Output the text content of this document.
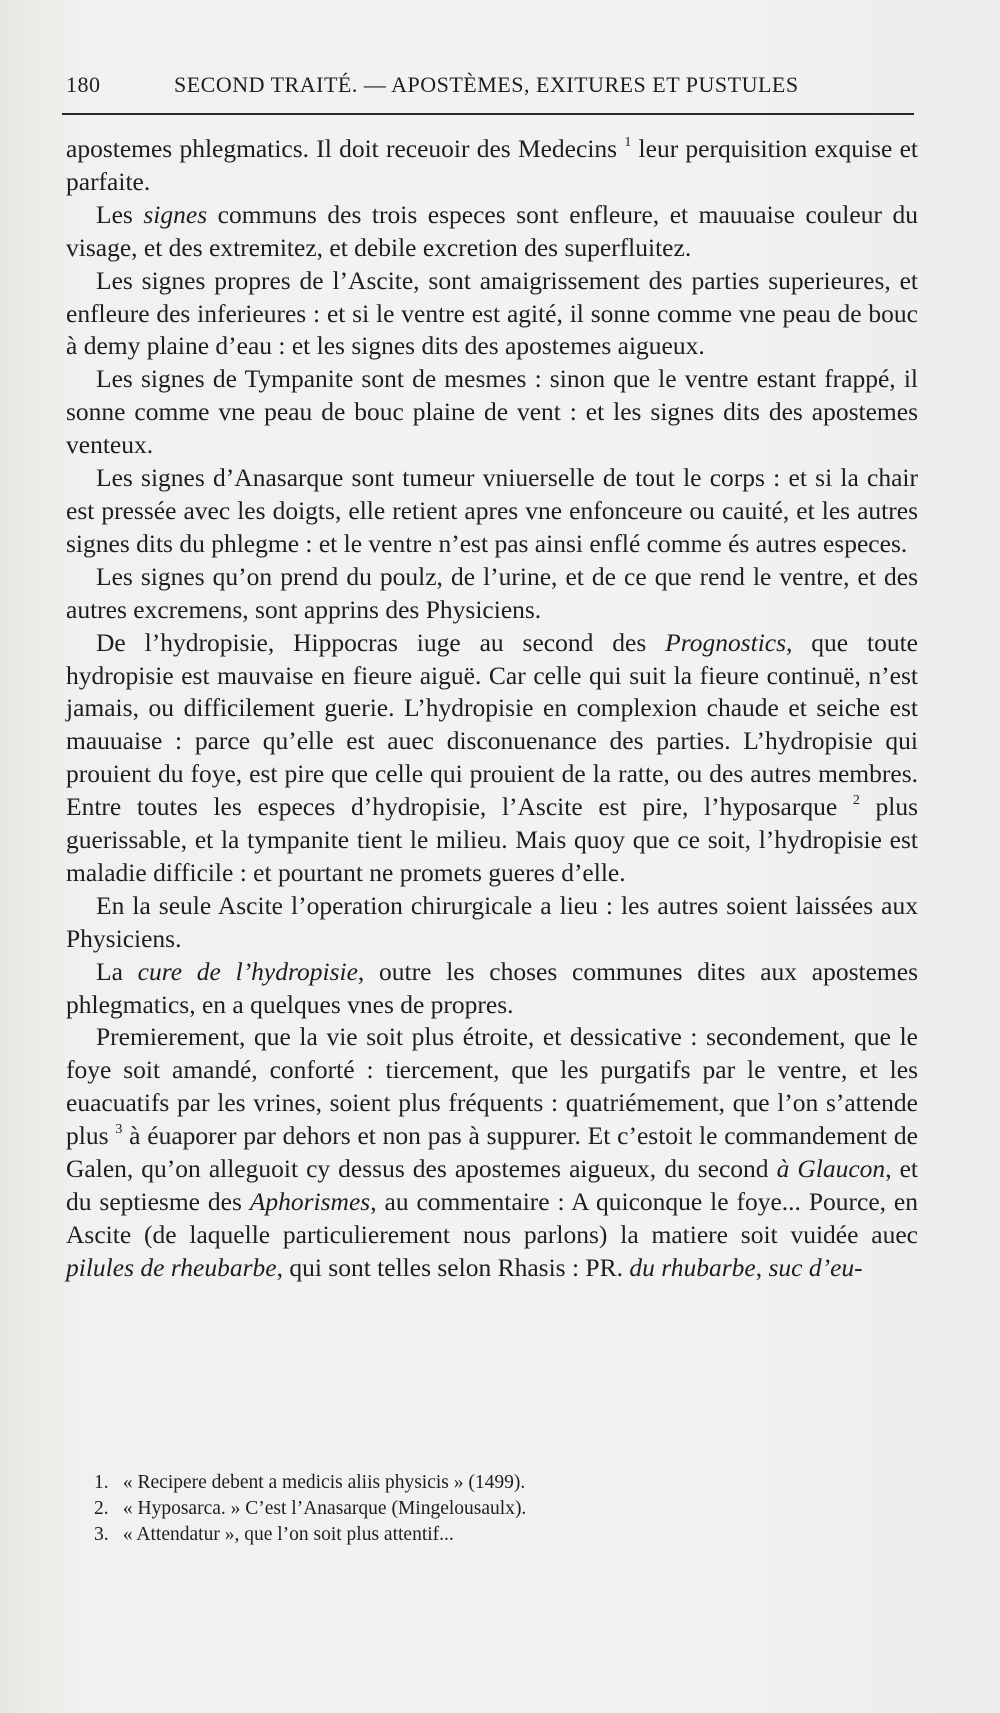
180	SECOND TRAITÉ. — APOSTÈMES, EXITURES ET PUSTULES

apostemes phlegmatics. Il doit receuoir des Medecins $^1$ leur perquisition exquise et parfaite.

Les signes communs des trois especes sont enfleure, et mauuaise couleur du visage, et des extremitez, et debile excretion des superfluitez.

Les signes propres de l’Ascite, sont amaigrissement des parties superieures, et enfleure des inferieures : et si le ventre est agité, il sonne comme vne peau de bouc à demy plaine d’eau : et les signes dits des apostemes aigueux.

Les signes de Tympanite sont de mesmes : sinon que le ventre estant frappé, il sonne comme vne peau de bouc plaine de vent : et les signes dits des apostemes venteux.

Les signes d’Anasarque sont tumeur vniuerselle de tout le corps : et si la chair est pressée avec les doigts, elle retient apres vne enfonceure ou cauité, et les autres signes dits du phlegme : et le ventre n’est pas ainsi enflé comme és autres especes.

Les signes qu’on prend du poulz, de l’urine, et de ce que rend le ventre, et des autres excremens, sont apprins des Physiciens.

De l’hydropisie, Hippocras iuge au second des Prognostics, que toute hydropisie est mauvaise en fieure aiguë. Car celle qui suit la fieure continuë, n’est jamais, ou difficilement guerie. L’hydropisie en complexion chaude et seiche est mauuaise : parce qu’elle est auec disconuenance des parties. L’hydropisie qui prouient du foye, est pire que celle qui prouient de la ratte, ou des autres membres. Entre toutes les especes d’hydropisie, l’Ascite est pire, l’hyposarque $^2$ plus guerissable, et la tympanite tient le milieu. Mais quoy que ce soit, l’hydropisie est maladie difficile : et pourtant ne promets gueres d’elle.

En la seule Ascite l’operation chirurgicale a lieu : les autres soient laissées aux Physiciens.

La cure de l’hydropisie, outre les choses communes dites aux apostemes phlegmatics, en a quelques vnes de propres.

Premierement, que la vie soit plus étroite, et dessicative : secondement, que le foye soit amandé, conforté : tiercement, que les purgatifs par le ventre, et les euacuatifs par les vrines, soient plus fréquents : quatriémement, que l’on s’attende plus $^3$ à éuaporer par dehors et non pas à suppurer. Et c’estoit le commandement de Galen, qu’on alleguoit cy dessus des apostemes aigueux, du second à Glaucon, et du septiesme des Aphorismes, au commentaire : A quiconque le foye... Pource, en Ascite (de laquelle particulierement nous parlons) la matiere soit vuidée auec pilules de rheubarbe, qui sont telles selon Rhasis : PR. du rhubarbe, suc d’eu-

1. « Recipere debent a medicis aliis physicis » (1499).
2. « Hyposarca. » C’est l’Anasarque (Mingelousaulx).
3. « Attendatur », que l’on soit plus attentif...
